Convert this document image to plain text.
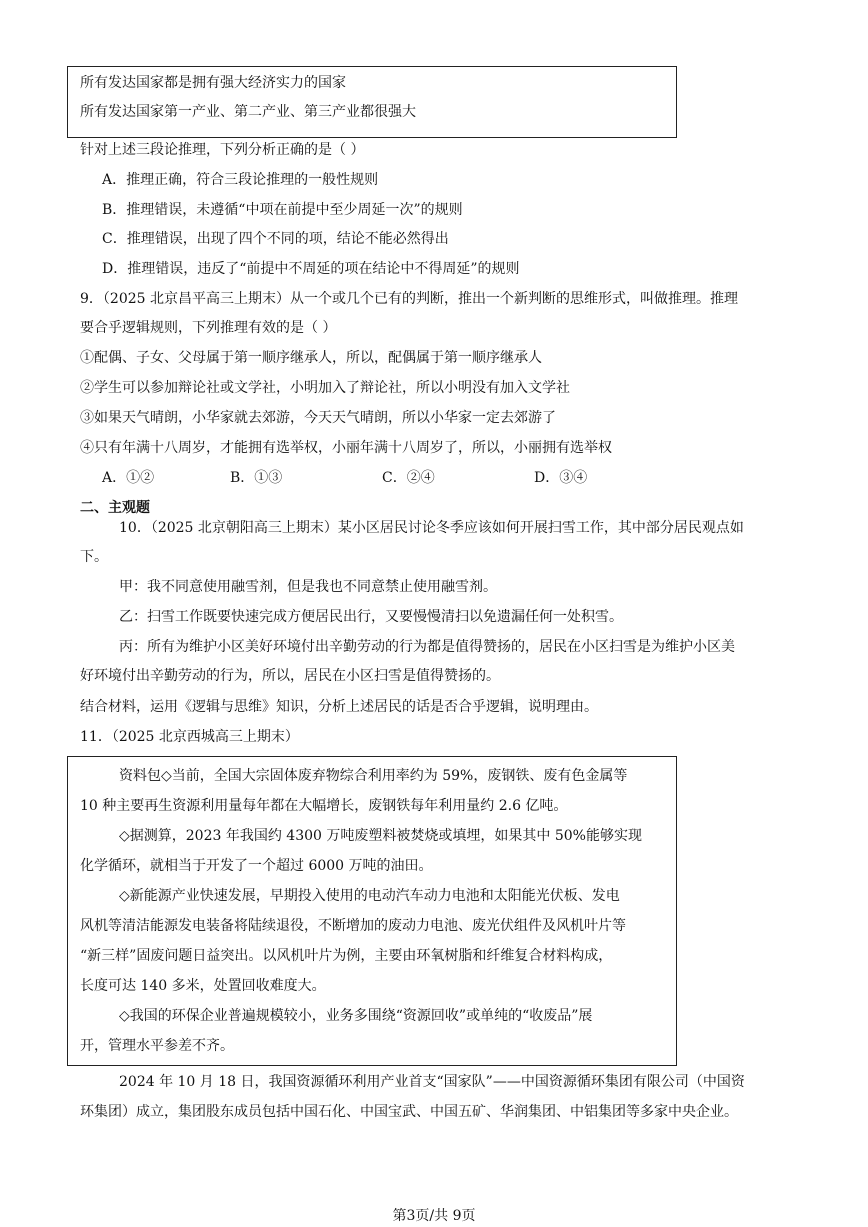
所有发达国家都是拥有强大经济实力的国家
所有发达国家第一产业、第二产业、第三产业都很强大
针对上述三段论推理，下列分析正确的是（ ）
A．推理正确，符合三段论推理的一般性规则
B．推理错误，未遵循“中项在前提中至少周延一次”的规则
C．推理错误，出现了四个不同的项，结论不能必然得出
D．推理错误，违反了“前提中不周延的项在结论中不得周延”的规则
9．（2025 北京昌平高三上期末）从一个或几个已有的判断，推出一个新判断的思维形式，叫做推理。推理
要合乎逻辑规则，下列推理有效的是（ ）
①配偶、子女、父母属于第一顺序继承人，所以，配偶属于第一顺序继承人
②学生可以参加辩论社或文学社，小明加入了辩论社，所以小明没有加入文学社
③如果天气晴朗，小华家就去郊游，今天天气晴朗，所以小华家一定去郊游了
④只有年满十八周岁，才能拥有选举权，小丽年满十八周岁了，所以，小丽拥有选举权
A．①②	B．①③	C．②④	D．③④
二、主观题
10．（2025 北京朝阳高三上期末）某小区居民讨论冬季应该如何开展扫雪工作，其中部分居民观点如
下。
甲：我不同意使用融雪剂，但是我也不同意禁止使用融雪剂。
乙：扫雪工作既要快速完成方便居民出行，又要慢慢清扫以免遗漏任何一处积雪。
丙：所有为维护小区美好环境付出辛勤劳动的行为都是值得赞扬的，居民在小区扫雪是为维护小区美
好环境付出辛勤劳动的行为，所以，居民在小区扫雪是值得赞扬的。
结合材料，运用《逻辑与思维》知识，分析上述居民的话是否合乎逻辑，说明理由。
11．（2025 北京西城高三上期末）
资料包◇当前，全国大宗固体废弃物综合利用率约为 59%，废钢铁、废有色金属等
10 种主要再生资源利用量每年都在大幅增长，废钢铁每年利用量约 2.6 亿吨。
◇据测算，2023 年我国约 4300 万吨废塑料被焚烧或填埋，如果其中 50%能够实现
化学循环，就相当于开发了一个超过 6000 万吨的油田。
◇新能源产业快速发展，早期投入使用的电动汽车动力电池和太阳能光伏板、发电
风机等清洁能源发电装备将陆续退役，不断增加的废动力电池、废光伏组件及风机叶片等
“新三样”固废问题日益突出。以风机叶片为例，主要由环氧树脂和纤维复合材料构成，
长度可达 140 多米，处置回收难度大。
◇我国的环保企业普遍规模较小，业务多围绕“资源回收”或单纯的“收废品”展
开，管理水平参差不齐。
2024 年 10 月 18 日，我国资源循环利用产业首支“国家队”——中国资源循环集团有限公司（中国资
环集团）成立，集团股东成员包括中国石化、中国宝武、中国五矿、华润集团、中铝集团等多家中央企业。
第3页/共 9页
